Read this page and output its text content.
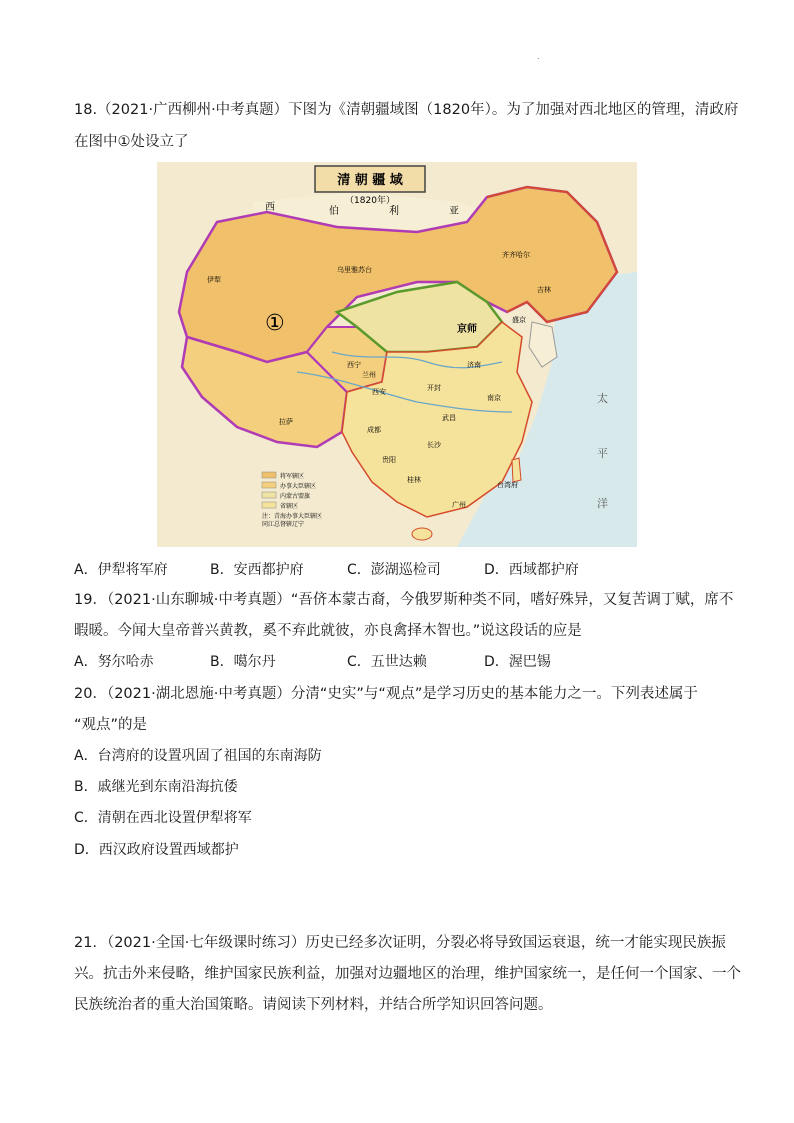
.
18.（2021·广西柳州·中考真题）下图为《清朝疆域图（1820年）。为了加强对西北地区的管理，清政府
在图中①处设立了
清 朝 疆 域
（1820年）
西	伯	利	亚
太
平
洋
①	京师
西安
兰州
西宁
成都
拉萨
伊犁
广州
台湾府
齐齐哈尔
吉林
乌里雅苏台
南京
济南
武昌
长沙
贵阳
开封
桂林
盛京
将军辖区
办事大臣辖区
内蒙古盟旗
省辖区
注：青海办事大臣辖区
同江总督辖辽宁
A．伊犁将军府	B．安西都护府	C．澎湖巡检司	D．西域都护府
19．（2021·山东聊城·中考真题）“吾侪本蒙古裔，今俄罗斯种类不同，嗜好殊异，又复苦调丁赋，席不
暇暖。今闻大皇帝普兴黄教，奚不弃此就彼，亦良禽择木智也。”说这段话的应是
A．努尔哈赤	B．噶尔丹	C．五世达赖	D．渥巴锡
20．（2021·湖北恩施·中考真题）分清“史实”与“观点”是学习历史的基本能力之一。下列表述属于
“观点”的是
A．台湾府的设置巩固了祖国的东南海防
B．戚继光到东南沿海抗倭
C．清朝在西北设置伊犁将军
D．西汉政府设置西域都护
21．（2021·全国·七年级课时练习）历史已经多次证明，分裂必将导致国运衰退，统一才能实现民族振
兴。抗击外来侵略，维护国家民族利益，加强对边疆地区的治理，维护国家统一，是任何一个国家、一个
民族统治者的重大治国策略。请阅读下列材料，并结合所学知识回答问题。
